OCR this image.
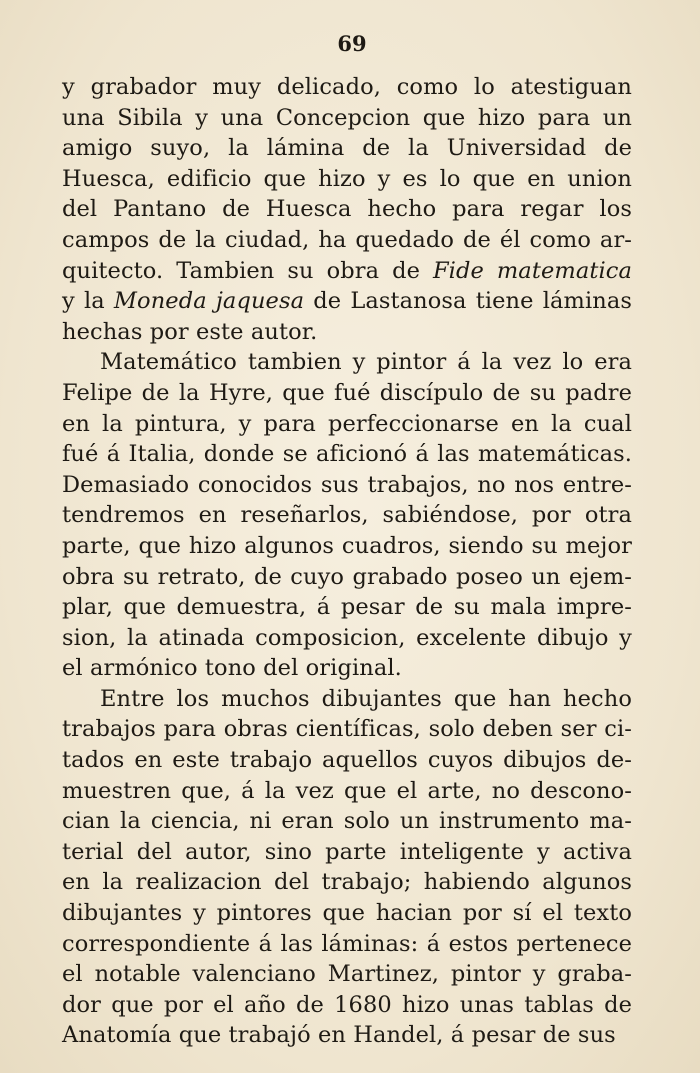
69
y grabador muy delicado, como lo atestiguan
una Sibila y una Concepcion que hizo para un
amigo suyo, la lámina de la Universidad de
Huesca, edificio que hizo y es lo que en union
del Pantano de Huesca hecho para regar los
campos de la ciudad, ha quedado de él como ar-
quitecto. Tambien su obra de Fide matematica
y la Moneda jaquesa de Lastanosa tiene láminas
hechas por este autor.
Matemático tambien y pintor á la vez lo era
Felipe de la Hyre, que fué discípulo de su padre
en la pintura, y para perfeccionarse en la cual
fué á Italia, donde se aficionó á las matemáticas.
Demasiado conocidos sus trabajos, no nos entre-
tendremos en reseñarlos, sabiéndose, por otra
parte, que hizo algunos cuadros, siendo su mejor
obra su retrato, de cuyo grabado poseo un ejem-
plar, que demuestra, á pesar de su mala impre-
sion, la atinada composicion, excelente dibujo y
el armónico tono del original.
Entre los muchos dibujantes que han hecho
trabajos para obras científicas, solo deben ser ci-
tados en este trabajo aquellos cuyos dibujos de-
muestren que, á la vez que el arte, no descono-
cian la ciencia, ni eran solo un instrumento ma-
terial del autor, sino parte inteligente y activa
en la realizacion del trabajo; habiendo algunos
dibujantes y pintores que hacian por sí el texto
correspondiente á las láminas: á estos pertenece
el notable valenciano Martinez, pintor y graba-
dor que por el año de 1680 hizo unas tablas de
Anatomía que trabajó en Handel, á pesar de sus
